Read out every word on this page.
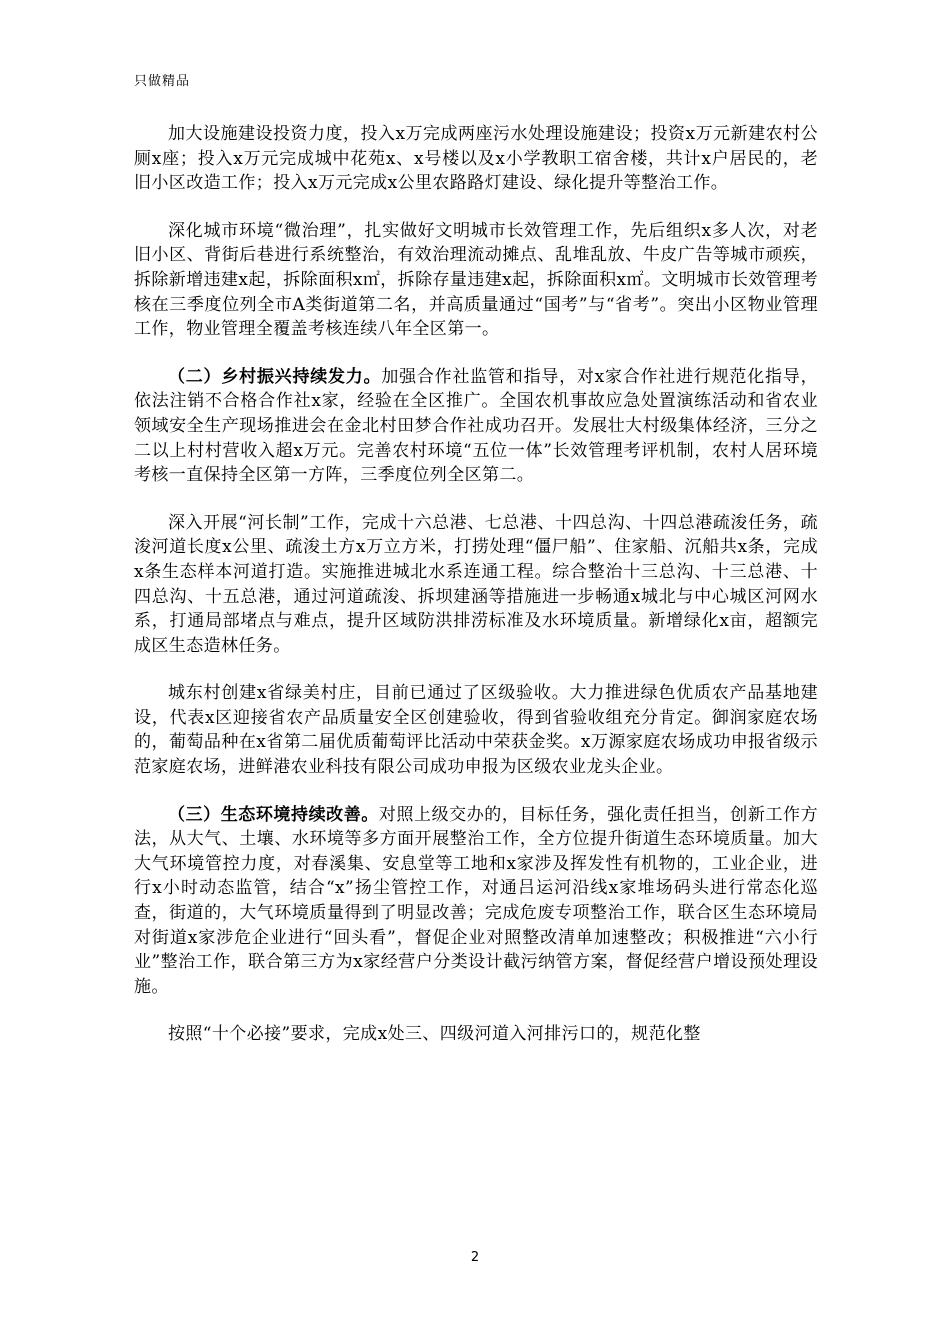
只做精品

加大设施建设投资力度，投入x万完成两座污水处理设施建设；投资x万元新建农村公厕x座；投入x万元完成城中花苑x、x号楼以及x小学教职工宿舍楼，共计x户居民的，老旧小区改造工作；投入x万元完成x公里农路路灯建设、绿化提升等整治工作。

深化城市环境“微治理”，扎实做好文明城市长效管理工作，先后组织x多人次，对老旧小区、背街后巷进行系统整治，有效治理流动摊点、乱堆乱放、牛皮广告等城市顽疾，拆除新增违建x起，拆除面积x㎡，拆除存量违建x起，拆除面积x㎡。文明城市长效管理考核在三季度位列全市A类街道第二名，并高质量通过“国考”与“省考”。突出小区物业管理工作，物业管理全覆盖考核连续八年全区第一。

（二）乡村振兴持续发力。加强合作社监管和指导，对x家合作社进行规范化指导，依法注销不合格合作社x家，经验在全区推广。全国农机事故应急处置演练活动和省农业领域安全生产现场推进会在金北村田梦合作社成功召开。发展壮大村级集体经济，三分之二以上村村营收入超x万元。完善农村环境“五位一体”长效管理考评机制，农村人居环境考核一直保持全区第一方阵，三季度位列全区第二。

深入开展“河长制”工作，完成十六总港、七总港、十四总沟、十四总港疏浚任务，疏浚河道长度x公里、疏浚土方x万立方米，打捞处理“僵尸船”、住家船、沉船共x条，完成x条生态样本河道打造。实施推进城北水系连通工程。综合整治十三总沟、十三总港、十四总沟、十五总港，通过河道疏浚、拆坝建涵等措施进一步畅通x城北与中心城区河网水系，打通局部堵点与难点，提升区域防洪排涝标准及水环境质量。新增绿化x亩，超额完成区生态造林任务。

城东村创建x省绿美村庄，目前已通过了区级验收。大力推进绿色优质农产品基地建设，代表x区迎接省农产品质量安全区创建验收，得到省验收组充分肯定。御润家庭农场的，葡萄品种在x省第二届优质葡萄评比活动中荣获金奖。x万源家庭农场成功申报省级示范家庭农场，进鲜港农业科技有限公司成功申报为区级农业龙头企业。

（三）生态环境持续改善。对照上级交办的，目标任务，强化责任担当，创新工作方法，从大气、土壤、水环境等多方面开展整治工作，全方位提升街道生态环境质量。加大大气环境管控力度，对春溪集、安息堂等工地和x家涉及挥发性有机物的，工业企业，进行x小时动态监管，结合“x”扬尘管控工作，对通吕运河沿线x家堆场码头进行常态化巡查，街道的，大气环境质量得到了明显改善；完成危废专项整治工作，联合区生态环境局对街道x家涉危企业进行“回头看”，督促企业对照整改清单加速整改；积极推进“六小行业”整治工作，联合第三方为x家经营户分类设计截污纳管方案，督促经营户增设预处理设施。

按照“十个必接”要求，完成x处三、四级河道入河排污口的，规范化整

2
